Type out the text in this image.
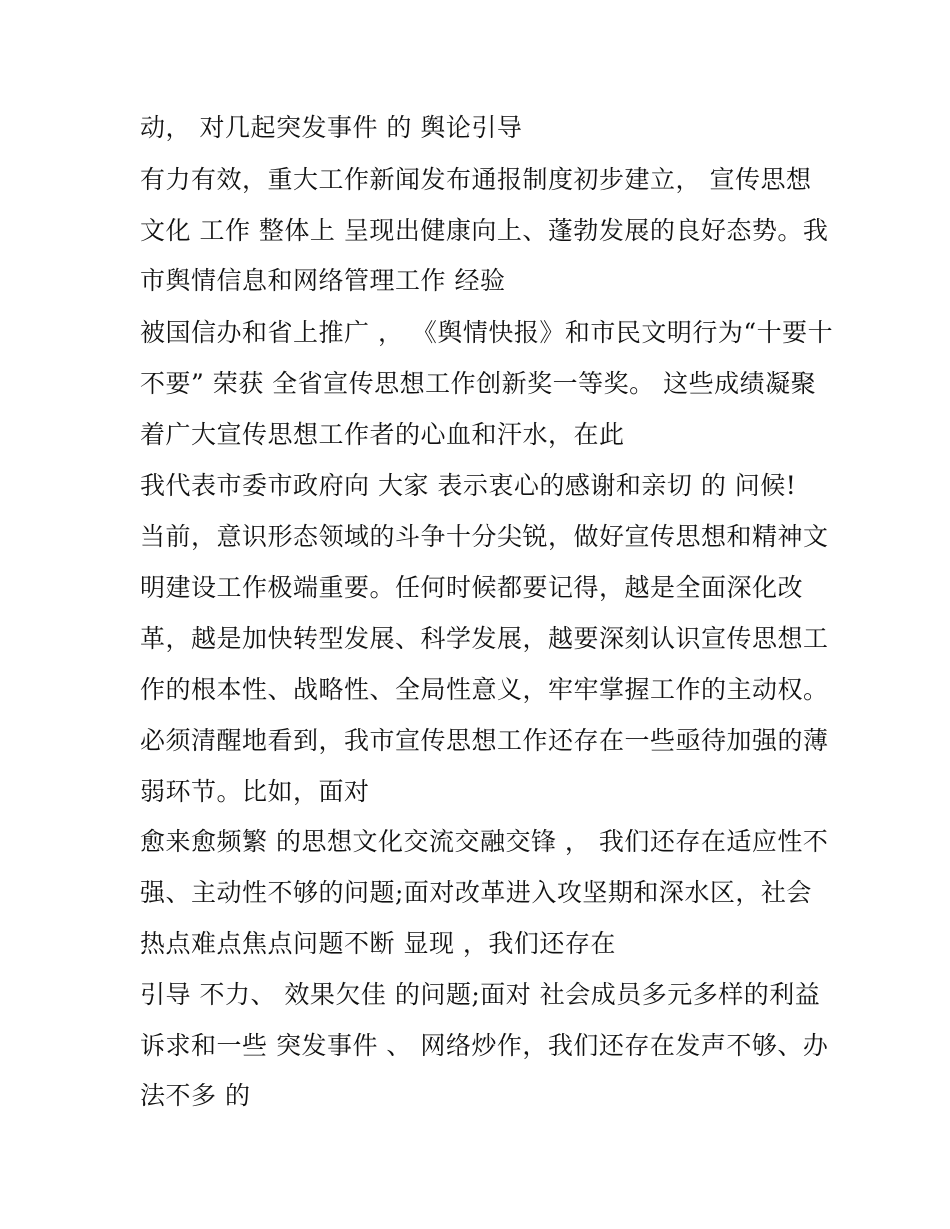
动， 对几起突发事件 的 舆论引导
有力有效，重大工作新闻发布通报制度初步建立， 宣传思想
文化 工作 整体上 呈现出健康向上、蓬勃发展的良好态势。我
市舆情信息和网络管理工作 经验
被国信办和省上推广 ， 《舆情快报》和市民文明行为“十要十
不要” 荣获 全省宣传思想工作创新奖一等奖。 这些成绩凝聚
着广大宣传思想工作者的心血和汗水，在此
我代表市委市政府向 大家 表示衷心的感谢和亲切 的 问候!
当前，意识形态领域的斗争十分尖锐，做好宣传思想和精神文
明建设工作极端重要。任何时候都要记得，越是全面深化改
革，越是加快转型发展、科学发展，越要深刻认识宣传思想工
作的根本性、战略性、全局性意义，牢牢掌握工作的主动权。
必须清醒地看到，我市宣传思想工作还存在一些亟待加强的薄
弱环节。比如，面对
愈来愈频繁 的思想文化交流交融交锋 ， 我们还存在适应性不
强、主动性不够的问题;面对改革进入攻坚期和深水区，社会
热点难点焦点问题不断 显现 ，我们还存在
引导 不力、 效果欠佳 的问题;面对 社会成员多元多样的利益
诉求和一些 突发事件 、 网络炒作，我们还存在发声不够、办
法不多 的
